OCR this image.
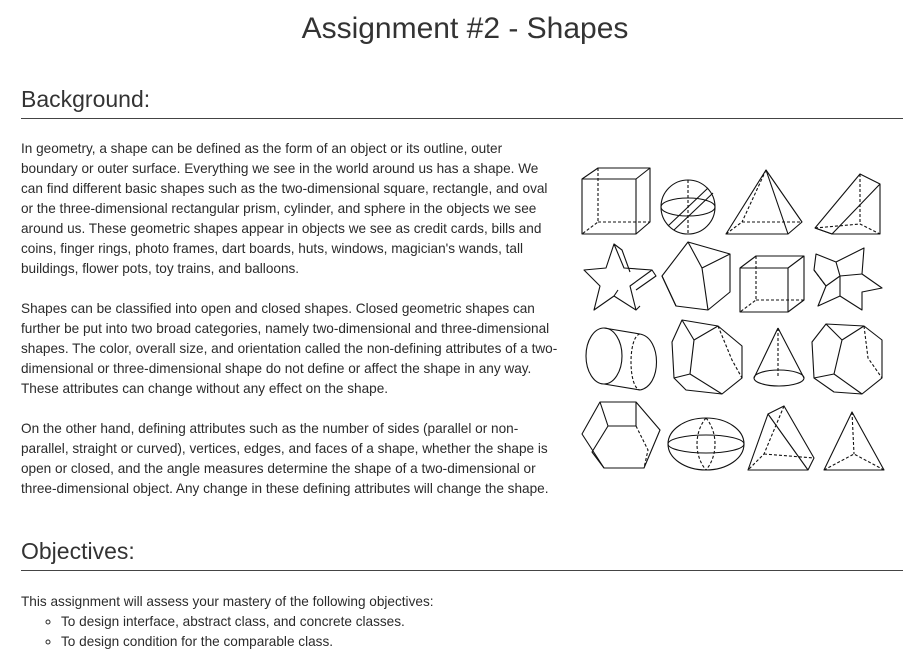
Assignment #2 - Shapes
Background:

In geometry, a shape can be defined as the form of an object or its outline, outer boundary or outer surface. Everything we see in the world around us has a shape. We can find different basic shapes such as the two-dimensional square, rectangle, and oval or the three-dimensional rectangular prism, cylinder, and sphere in the objects we see around us. These geometric shapes appear in objects we see as credit cards, bills and coins, finger rings, photo frames, dart boards, huts, windows, magician's wands, tall buildings, flower pots, toy trains, and balloons.

Shapes can be classified into open and closed shapes. Closed geometric shapes can further be put into two broad categories, namely two-dimensional and three-dimensional shapes. The color, overall size, and orientation called the non-defining attributes of a two-dimensional or three-dimensional shape do not define or affect the shape in any way. These attributes can change without any effect on the shape.

On the other hand, defining attributes such as the number of sides (parallel or non-parallel, straight or curved), vertices, edges, and faces of a shape, whether the shape is open or closed, and the angle measures determine the shape of a two-dimensional or three-dimensional object. Any change in these defining attributes will change the shape.

Objectives:

This assignment will assess your mastery of the following objectives:

◦ To design interface, abstract class, and concrete classes.
◦ To design condition for the comparable class.
